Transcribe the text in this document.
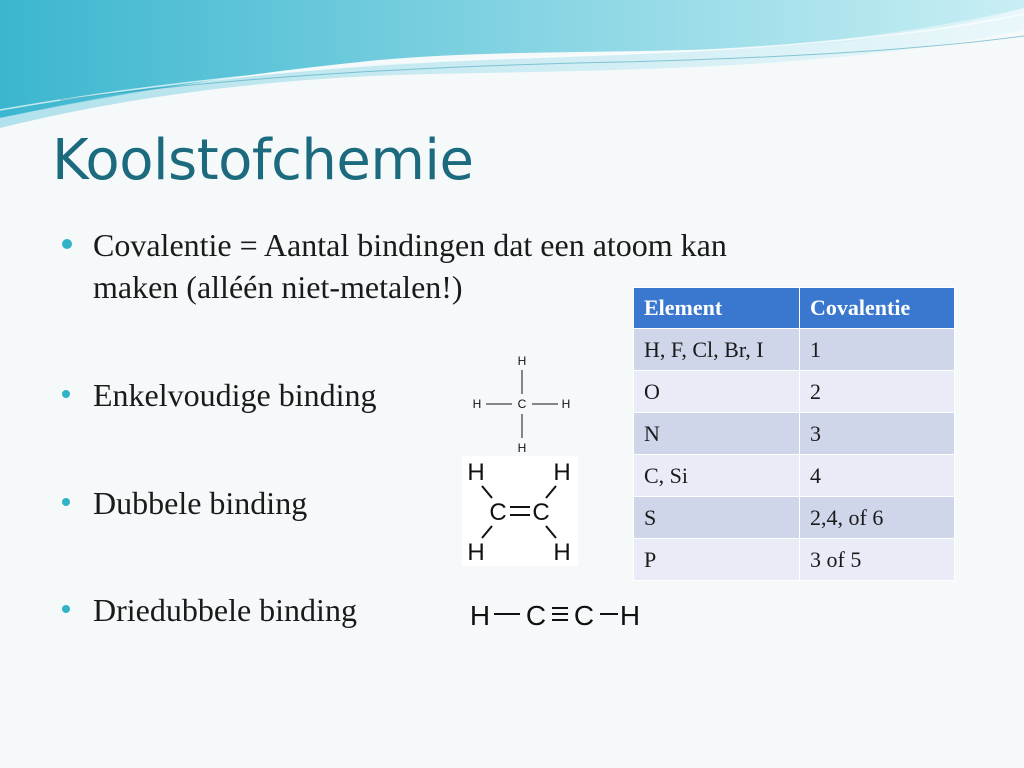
Koolstofchemie
Covalentie = Aantal bindingen dat een atoom kan
maken (alléén niet-metalen!)
Enkelvoudige binding
Dubbele binding
Driedubbele binding
H
H	C	H
H
H	H
C C
H	H
H C C H
Element	Covalentie
H, F, Cl, Br, I	1
O	2
N	3
C, Si	4
S	2,4, of 6
P	3 of 5
